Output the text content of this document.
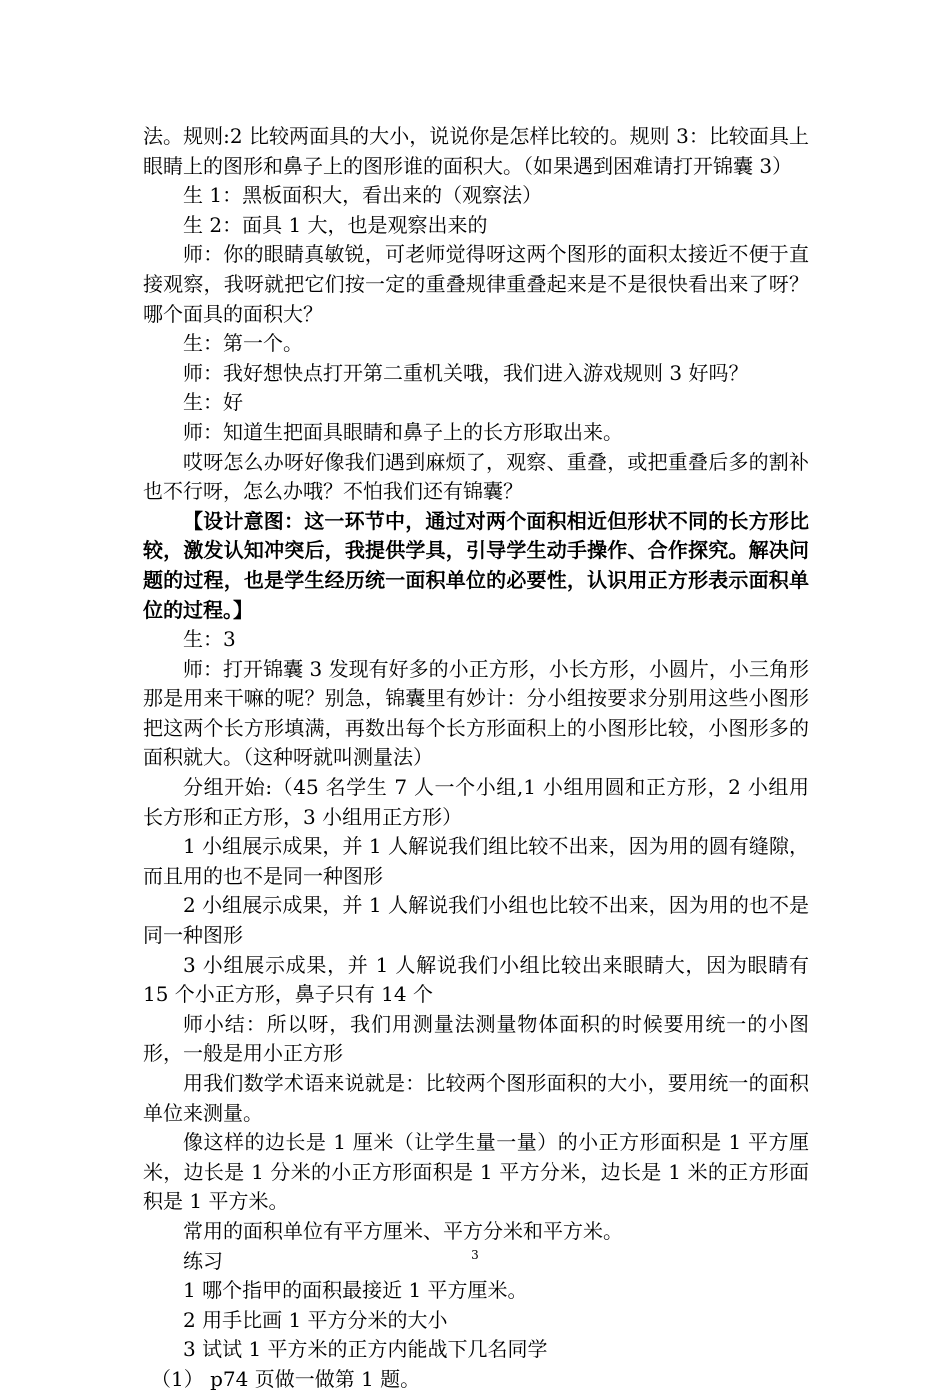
法。规则:2 比较两面具的大小，说说你是怎样比较的。规则 3：比较面具上眼睛上的图形和鼻子上的图形谁的面积大。（如果遇到困难请打开锦囊 3）

生 1：黑板面积大，看出来的（观察法）

生 2：面具 1 大，也是观察出来的

师：你的眼睛真敏锐，可老师觉得呀这两个图形的面积太接近不便于直接观察，我呀就把它们按一定的重叠规律重叠起来是不是很快看出来了呀？哪个面具的面积大？

生：第一个。

师：我好想快点打开第二重机关哦，我们进入游戏规则 3 好吗？

生：好

师：知道生把面具眼睛和鼻子上的长方形取出来。

哎呀怎么办呀好像我们遇到麻烦了，观察、重叠，或把重叠后多的割补也不行呀，怎么办哦？不怕我们还有锦囊？

【设计意图：这一环节中，通过对两个面积相近但形状不同的长方形比较，激发认知冲突后，我提供学具，引导学生动手操作、合作探究。解决问题的过程，也是学生经历统一面积单位的必要性，认识用正方形表示面积单位的过程。】

生：3

师：打开锦囊 3 发现有好多的小正方形，小长方形，小圆片，小三角形那是用来干嘛的呢？别急，锦囊里有妙计：分小组按要求分别用这些小图形把这两个长方形填满，再数出每个长方形面积上的小图形比较，小图形多的面积就大。（这种呀就叫测量法）

分组开始:（45 名学生 7 人一个小组,1 小组用圆和正方形，2 小组用长方形和正方形，3 小组用正方形）

1 小组展示成果，并 1 人解说我们组比较不出来，因为用的圆有缝隙，而且用的也不是同一种图形

2 小组展示成果，并 1 人解说我们小组也比较不出来，因为用的也不是同一种图形

3 小组展示成果，并 1 人解说我们小组比较出来眼睛大，因为眼睛有 15 个小正方形，鼻子只有 14 个

师小结：所以呀，我们用测量法测量物体面积的时候要用统一的小图形，一般是用小正方形

用我们数学术语来说就是：比较两个图形面积的大小，要用统一的面积单位来测量。

像这样的边长是 1 厘米（让学生量一量）的小正方形面积是 1 平方厘米，边长是 1 分米的小正方形面积是 1 平方分米，边长是 1 米的正方形面积是 1 平方米。

常用的面积单位有平方厘米、平方分米和平方米。

练习

1 哪个指甲的面积最接近 1 平方厘米。

2 用手比画 1 平方分米的大小

3 试试 1 平方米的正方内能战下几名同学

（1） p74 页做一做第 1 题。

3
